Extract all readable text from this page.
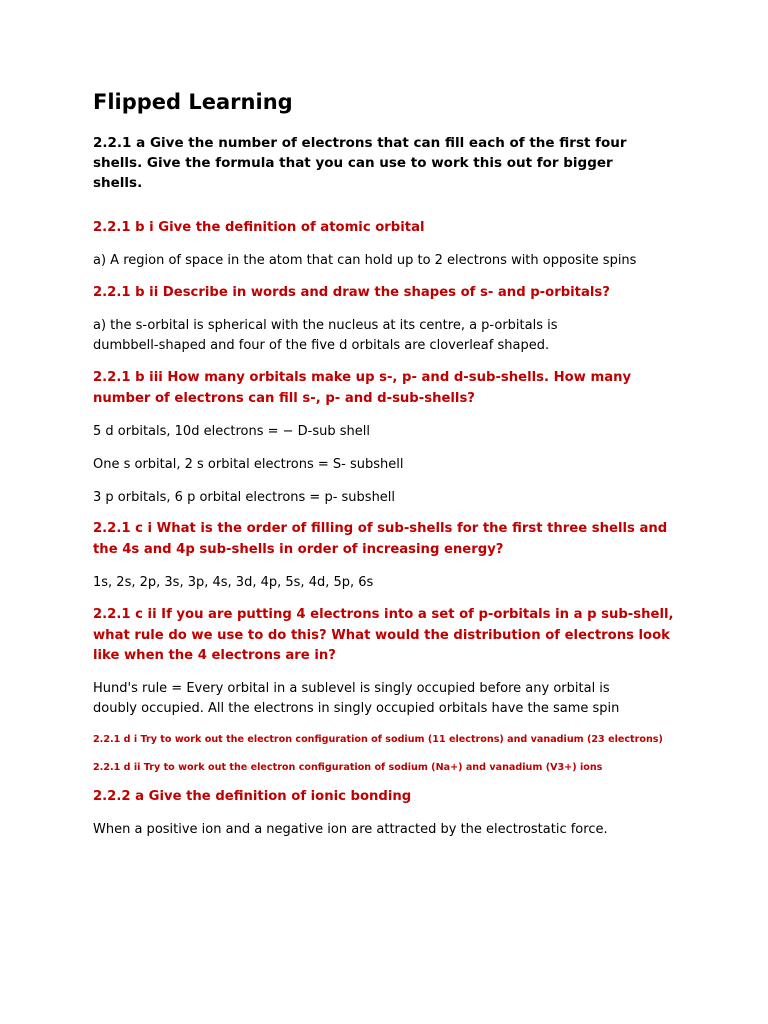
Flipped Learning

2.2.1 a Give the number of electrons that can fill each of the first four shells. Give the formula that you can use to work this out for bigger shells.

2.2.1 b i Give the definition of atomic orbital

a) A region of space in the atom that can hold up to 2 electrons with opposite spins

2.2.1 b ii Describe in words and draw the shapes of s- and p-orbitals?

a) the s-orbital is spherical with the nucleus at its centre, a p-orbitals is dumbbell-shaped and four of the five d orbitals are cloverleaf shaped.

2.2.1 b iii How many orbitals make up s-, p- and d-sub-shells. How many number of electrons can fill s-, p- and d-sub-shells?

5 d orbitals, 10d electrons = − D-sub shell

One s orbital, 2 s orbital electrons = S- subshell

3 p orbitals, 6 p orbital electrons = p- subshell

2.2.1 c i What is the order of filling of sub-shells for the first three shells and the 4s and 4p sub-shells in order of increasing energy?

1s, 2s, 2p, 3s, 3p, 4s, 3d, 4p, 5s, 4d, 5p, 6s

2.2.1 c ii If you are putting 4 electrons into a set of p-orbitals in a p sub-shell, what rule do we use to do this? What would the distribution of electrons look like when the 4 electrons are in?

Hund's rule = Every orbital in a sublevel is singly occupied before any orbital is doubly occupied. All the electrons in singly occupied orbitals have the same spin

2.2.1 d i Try to work out the electron configuration of sodium (11 electrons) and vanadium (23 electrons)

2.2.1 d ii Try to work out the electron configuration of sodium (Na+) and vanadium (V3+) ions

2.2.2 a Give the definition of ionic bonding

When a positive ion and a negative ion are attracted by the electrostatic force.
